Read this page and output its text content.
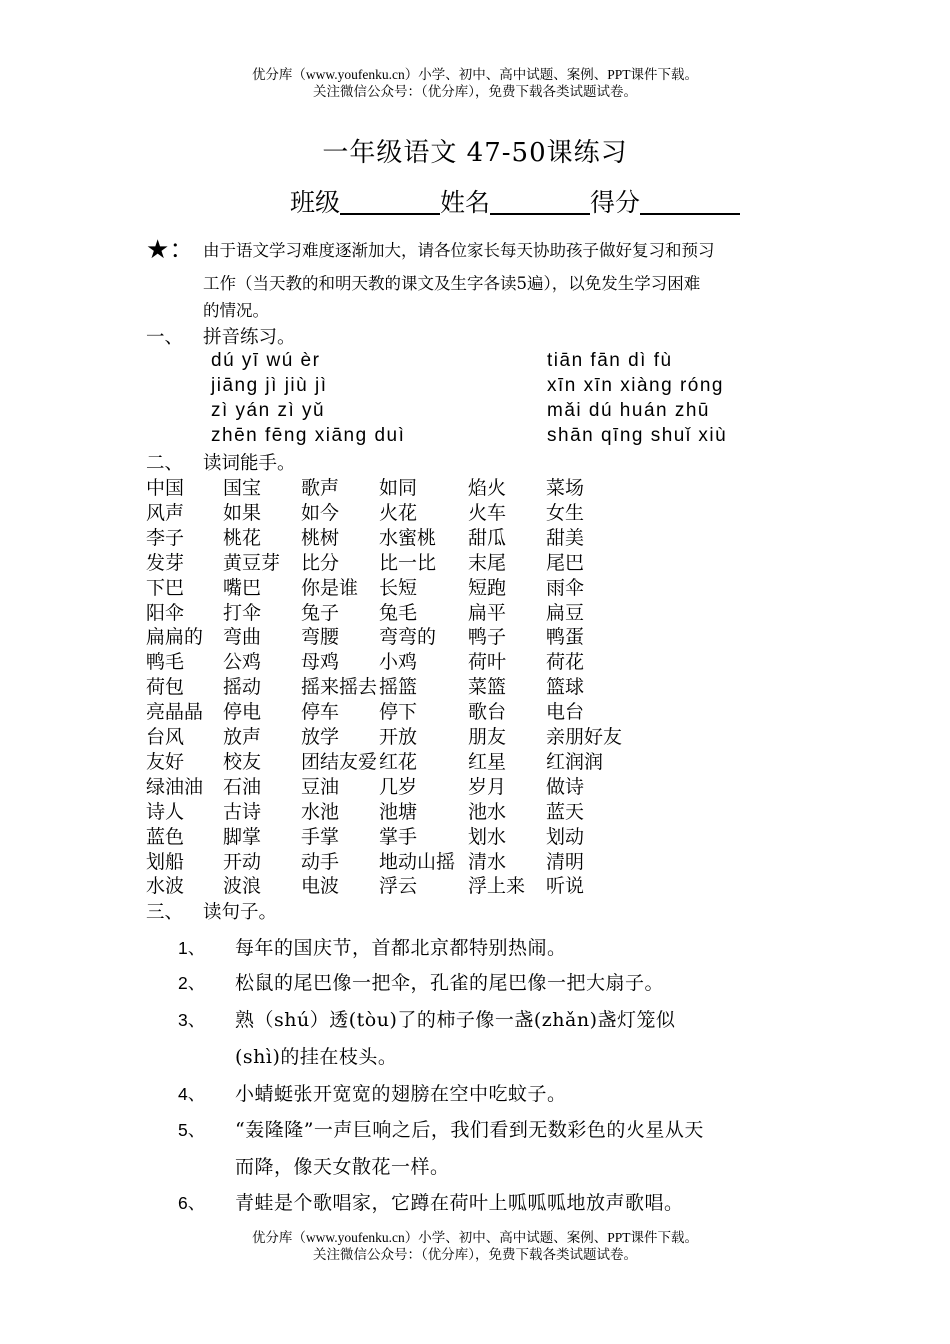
优分库（www.youfenku.cn）小学、初中、高中试题、案例、PPT课件下载。
关注微信公众号：（优分库），免费下载各类试题试卷。
一年级语文 47-50课练习
班级	姓名	得分
★： 由于语文学习难度逐渐加大，请各位家长每天协助孩子做好复习和预习
工作（当天教的和明天教的课文及生字各读5遍），以免发生学习困难
的情况。
一、 拼音练习。
dú yī wú èr	tiān fān dì fù
jiāng jì jiù jì	xīn xīn xiàng róng
zì yán zì yǔ	mǎi dú huán zhū
zhēn fēng xiāng duì	shān qīng shuǐ xiù
二、 读词能手。
中国 国宝 歌声 如同	焰火 菜场
风声 如果 如今 火花	火车 女生
李子 桃花 桃树 水蜜桃 甜瓜 甜美
发芽 黄豆芽 比分 比一比 末尾 尾巴
下巴 嘴巴 你是谁 长短	短跑 雨伞
阳伞 打伞 兔子 兔毛	扁平 扁豆
扁扁的 弯曲 弯腰 弯弯的 鸭子 鸭蛋
鸭毛 公鸡 母鸡 小鸡	荷叶 荷花
荷包 摇动 摇来摇去 摇篮	菜篮 篮球
亮晶晶 停电 停车 停下	歌台 电台
台风 放声 放学 开放	朋友 亲朋好友
友好 校友 团结友爱 红花	红星 红润润
绿油油 石油 豆油 几岁	岁月 做诗
诗人 古诗 水池 池塘	池水 蓝天
蓝色 脚掌 手掌 掌手	划水 划动
划船 开动 动手 地动山摇 清水 清明
水波 波浪 电波 浮云	浮上来 听说
三、 读句子。
1、 每年的国庆节，首都北京都特别热闹。
2、 松鼠的尾巴像一把伞，孔雀的尾巴像一把大扇子。
3、 熟（shú）透(tòu)了的柿子像一盏(zhǎn)盏灯笼似
(shì)的挂在枝头。
4、 小蜻蜓张开宽宽的翅膀在空中吃蚊子。
5、 “轰隆隆”一声巨响之后，我们看到无数彩色的火星从天
而降，像天女散花一样。
6、 青蛙是个歌唱家，它蹲在荷叶上呱呱呱地放声歌唱。
优分库（www.youfenku.cn）小学、初中、高中试题、案例、PPT课件下载。
关注微信公众号：（优分库），免费下载各类试题试卷。
